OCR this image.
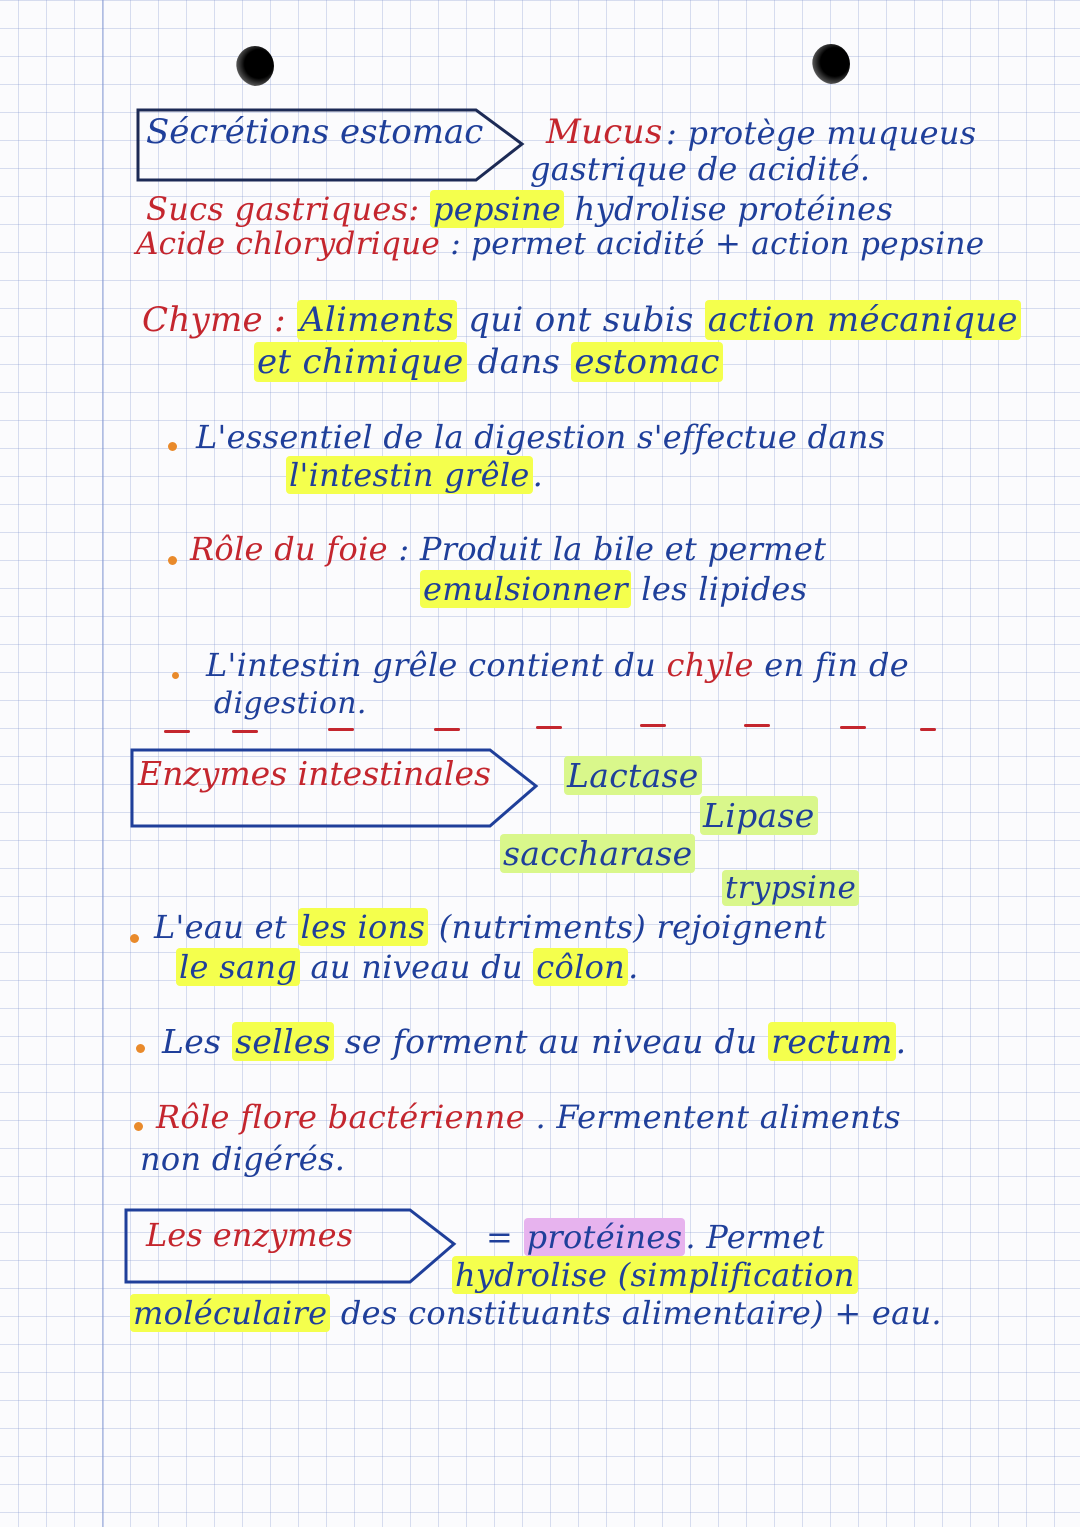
Sécrétions estomac Mucus : protège muqueus
gastrique de acidité.
Sucs gastriques: pepsine hydrolise protéines
Acide chlorydrique : permet acidité + action pepsine
Chyme : Aliments qui ont subis action mécanique
et chimique dans estomac
L'essentiel de la digestion s'effectue dans
l'intestin grêle.
Rôle du foie : Produit la bile et permet
emulsionner les lipides
L'intestin grêle contient du chyle en fin de
digestion.
Enzymes intestinales Lactase
Lipase
saccharase
trypsine
L'eau et les ions (nutriments) rejoignent
le sang au niveau du côlon.
Les selles se forment au niveau du rectum.
Rôle flore bactérienne . Fermentent aliments
non digérés.
Les enzymes	= protéines. Permet
hydrolise (simplification
moléculaire des constituants alimentaire) + eau.
